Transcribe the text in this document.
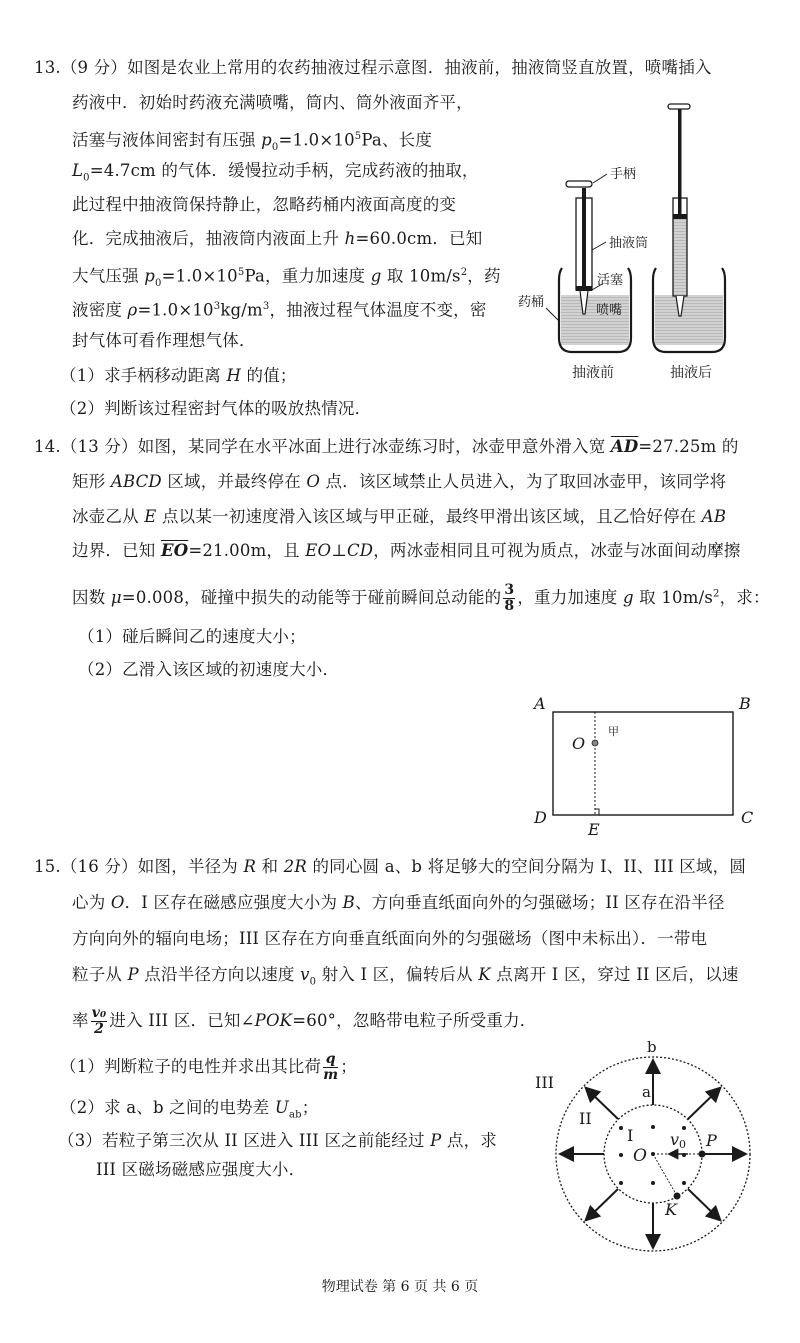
13.（9 分）如图是农业上常用的农药抽液过程示意图．抽液前，抽液筒竖直放置，喷嘴插入
药液中．初始时药液充满喷嘴，筒内、筒外液面齐平，
活塞与液体间密封有压强 $p_0=1.0\times 10^5Pa$、长度
$L_0=4.7cm$ 的气体．缓慢拉动手柄，完成药液的抽取，
此过程中抽液筒保持静止，忽略药桶内液面高度的变
化．完成抽液后，抽液筒内液面上升 h=60.0cm．已知
大气压强 $p_0=1.0\times 10^5Pa$，重力加速度 g 取 $10m/s^2$，药
液密度 $\rho=1.0\times 10^3kg/m^3$，抽液过程气体温度不变，密
封气体可看作理想气体．
（1）求手柄移动距离 H 的值；
（2）判断该过程密封气体的吸放热情况．
手柄
抽液筒
活塞
药桶
喷嘴
抽液前	抽液后
14.（13 分）如图，某同学在水平冰面上进行冰壶练习时，冰壶甲意外滑入宽 $\overline{AD}=27.25m$ 的
矩形 ABCD 区域，并最终停在 O 点．该区域禁止人员进入，为了取回冰壶甲，该同学将
冰壶乙从 E 点以某一初速度滑入该区域与甲正碰，最终甲滑出该区域，且乙恰好停在 AB
边界．已知 $\overline{EO}=21.00m$，且 EO⊥CD，两冰壶相同且可视为质点，冰壶与冰面间动摩擦
因数 μ=0.008，碰撞中损失的动能等于碰前瞬间总动能的 $\frac{3}{8}$ ，重力加速度 g 取 $10m/s^2$，求：
（1）碰后瞬间乙的速度大小；
（2）乙滑入该区域的初速度大小．
A	B
C
D
E
O
甲
15.（16 分）如图，半径为 R 和 2R 的同心圆 a、b 将足够大的空间分隔为 I、II、III 区域，圆
心为 O．I 区存在磁感应强度大小为 B、方向垂直纸面向外的匀强磁场；II 区存在沿半径
方向向外的辐向电场；III 区存在方向垂直纸面向外的匀强磁场（图中未标出）．一带电
粒子从 P 点沿半径方向以速度 $v_0$ 射入 I 区，偏转后从 K 点离开 I 区，穿过 II 区后，以速
率 $\frac{\text{v₀}}{2}$ 进入 III 区．已知∠POK=60°，忽略带电粒子所受重力．
（1）判断粒子的电性并求出其比荷 $\frac{q}{m}$ ；
（2）求 a、b 之间的电势差 $U_{ab}$；
（3）若粒子第三次从 II 区进入 III 区之前能经过 P 点，求
III 区磁场磁感应强度大小．
b
a
III
II
I
O
P
K
v0
物理试卷 第 6 页 共 6 页
